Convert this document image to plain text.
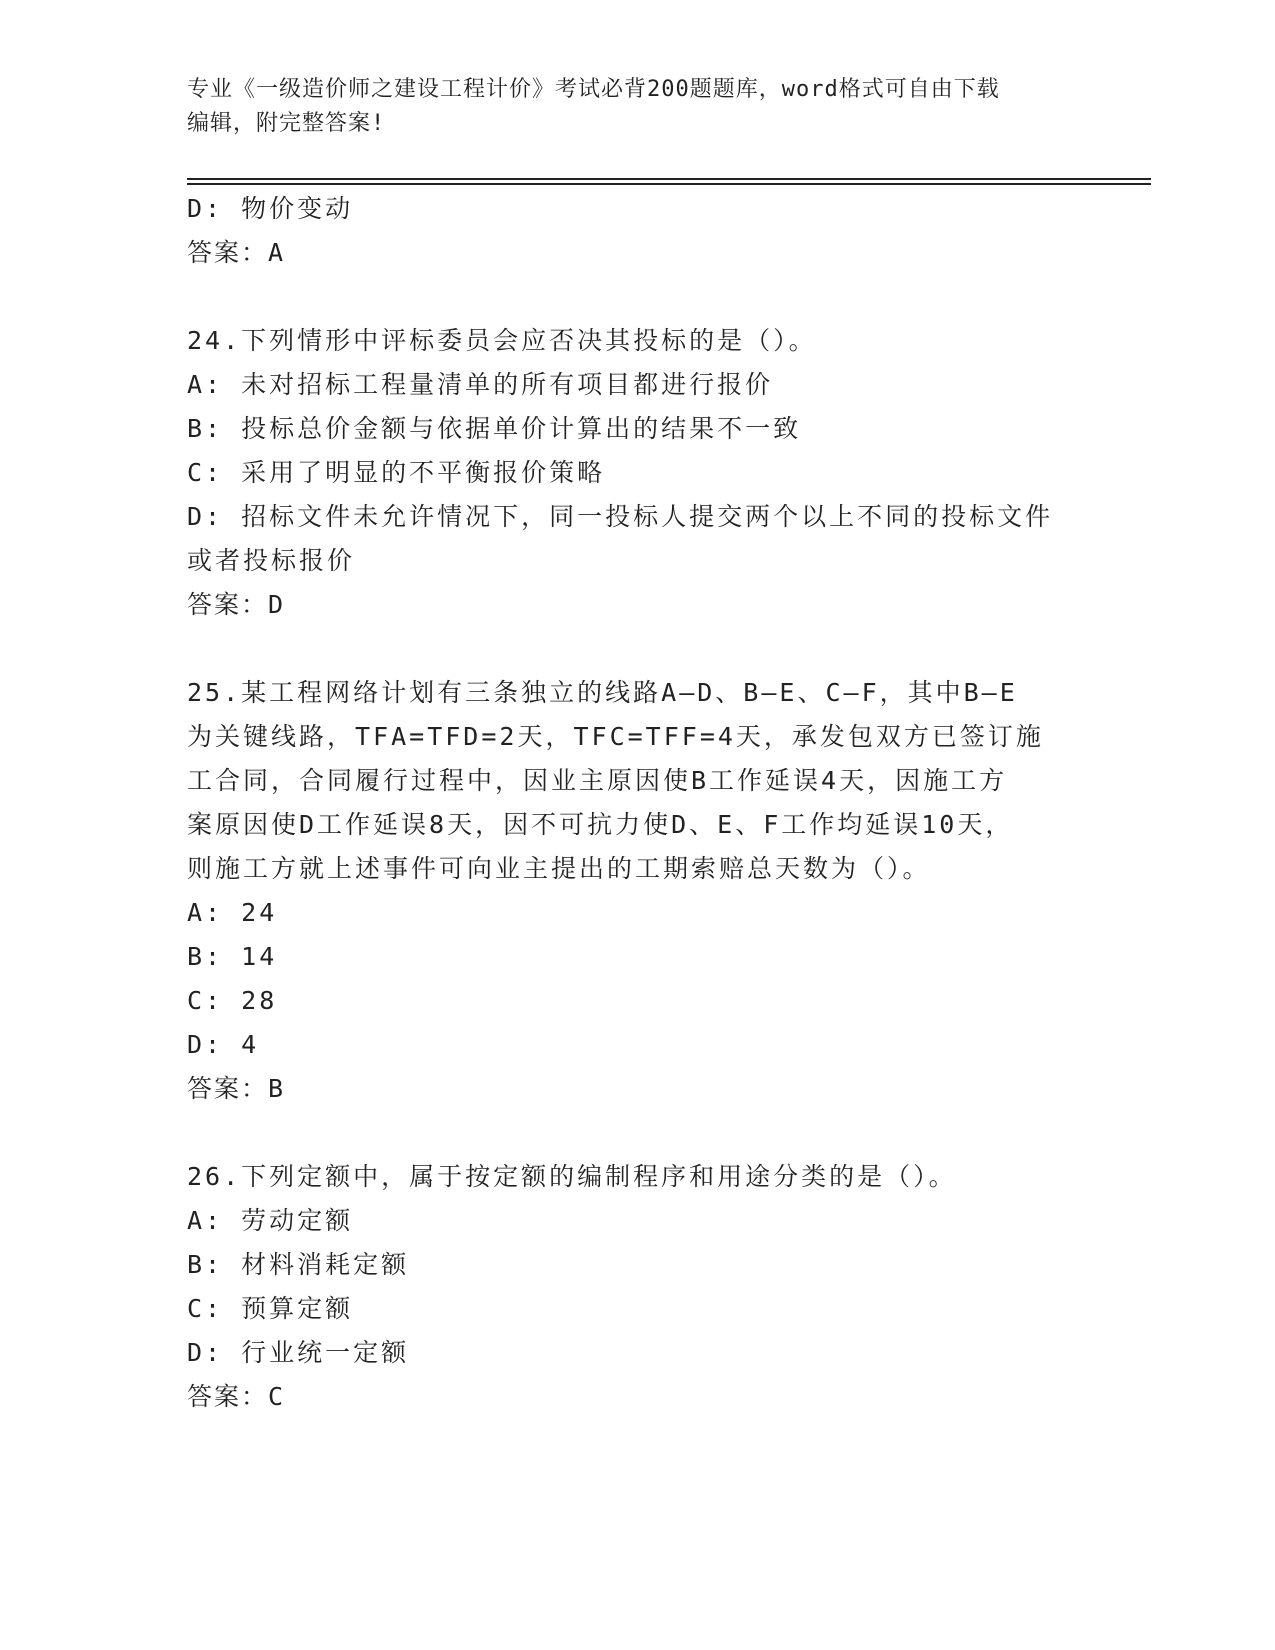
专业《一级造价师之建设工程计价》考试必背200题题库，word格式可自由下载
编辑，附完整答案!
D: 物价变动
答案：A
24.下列情形中评标委员会应否决其投标的是（）。
A: 未对招标工程量清单的所有项目都进行报价
B: 投标总价金额与依据单价计算出的结果不一致
C: 采用了明显的不平衡报价策略
D: 招标文件未允许情况下，同一投标人提交两个以上不同的投标文件
或者投标报价
答案：D
25.某工程网络计划有三条独立的线路A—D、B—E、C—F，其中B—E
为关键线路，TFA=TFD=2天，TFC=TFF=4天，承发包双方已签订施
工合同，合同履行过程中，因业主原因使B工作延误4天，因施工方
案原因使D工作延误8天，因不可抗力使D、E、F工作均延误10天，
则施工方就上述事件可向业主提出的工期索赔总天数为（）。
A: 24
B: 14
C: 28
D: 4
答案：B
26.下列定额中，属于按定额的编制程序和用途分类的是（）。
A: 劳动定额
B: 材料消耗定额
C: 预算定额
D: 行业统一定额
答案：C
